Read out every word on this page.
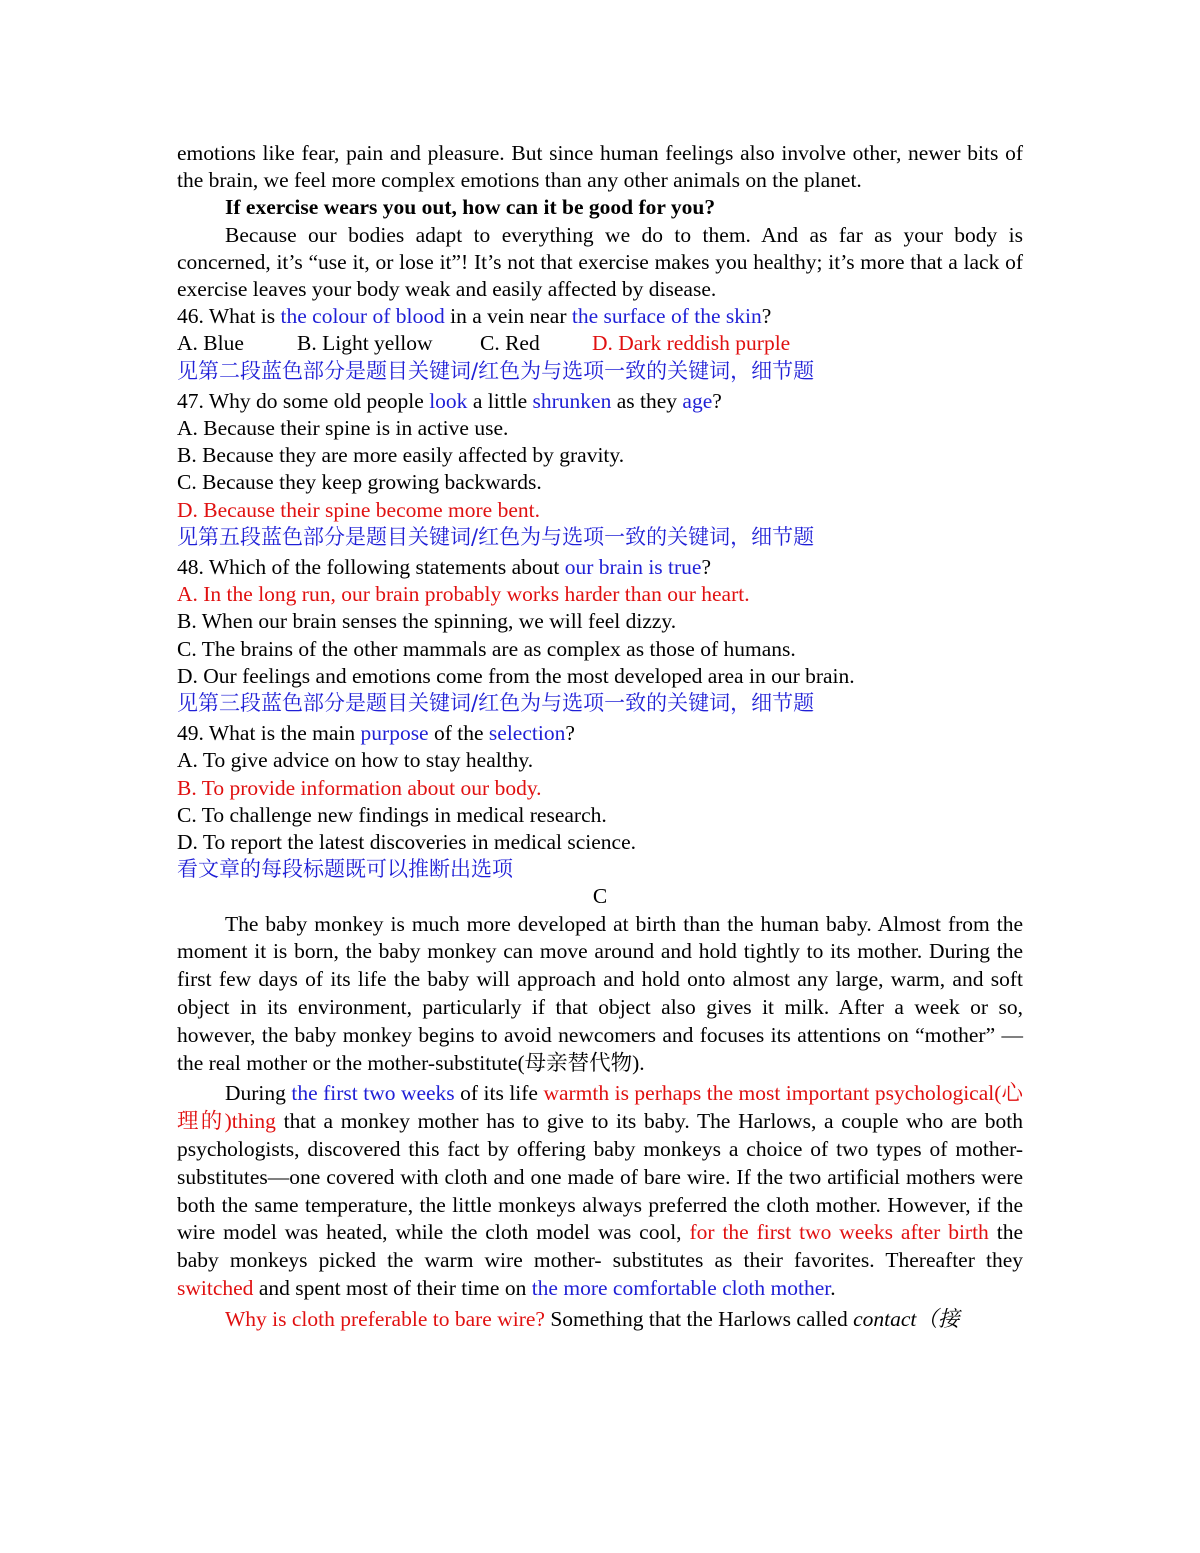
emotions like fear, pain and pleasure. But since human feelings also involve other, newer bits of the brain, we feel more complex emotions than any other animals on the planet.

If exercise wears you out, how can it be good for you?

Because our bodies adapt to everything we do to them. And as far as your body is concerned, it’s “use it, or lose it”! It’s not that exercise makes you healthy; it’s more that a lack of exercise leaves your body weak and easily affected by disease.

46. What is the colour of blood in a vein near the surface of the skin?

A. Blue B. Light yellow C. Red D. Dark reddish purple

见第二段蓝色部分是题目关键词/红色为与选项一致的关键词，细节题

47. Why do some old people look a little shrunken as they age?

A. Because their spine is in active use.

B. Because they are more easily affected by gravity.

C. Because they keep growing backwards.

D. Because their spine become more bent.

见第五段蓝色部分是题目关键词/红色为与选项一致的关键词，细节题

48. Which of the following statements about our brain is true?

A. In the long run, our brain probably works harder than our heart.

B. When our brain senses the spinning, we will feel dizzy.

C. The brains of the other mammals are as complex as those of humans.

D. Our feelings and emotions come from the most developed area in our brain.

见第三段蓝色部分是题目关键词/红色为与选项一致的关键词，细节题

49. What is the main purpose of the selection?

A. To give advice on how to stay healthy.

B. To provide information about our body.

C. To challenge new findings in medical research.

D. To report the latest discoveries in medical science.

看文章的每段标题既可以推断出选项

C

The baby monkey is much more developed at birth than the human baby. Almost from the moment it is born, the baby monkey can move around and hold tightly to its mother. During the first few days of its life the baby will approach and hold onto almost any large, warm, and soft object in its environment, particularly if that object also gives it milk. After a week or so, however, the baby monkey begins to avoid newcomers and focuses its attentions on “mother” —the real mother or the mother-substitute(母亲替代物).

During the first two weeks of its life warmth is perhaps the most important psychological(心理的)thing that a monkey mother has to give to its baby. The Harlows, a couple who are both psychologists, discovered this fact by offering baby monkeys a choice of two types of mother- substitutes—one covered with cloth and one made of bare wire. If the two artificial mothers were both the same temperature, the little monkeys always preferred the cloth mother. However, if the wire model was heated, while the cloth model was cool, for the first two weeks after birth the baby monkeys picked the warm wire mother- substitutes as their favorites. Thereafter they switched and spent most of their time on the more comfortable cloth mother.

Why is cloth preferable to bare wire? Something that the Harlows called contact（接
